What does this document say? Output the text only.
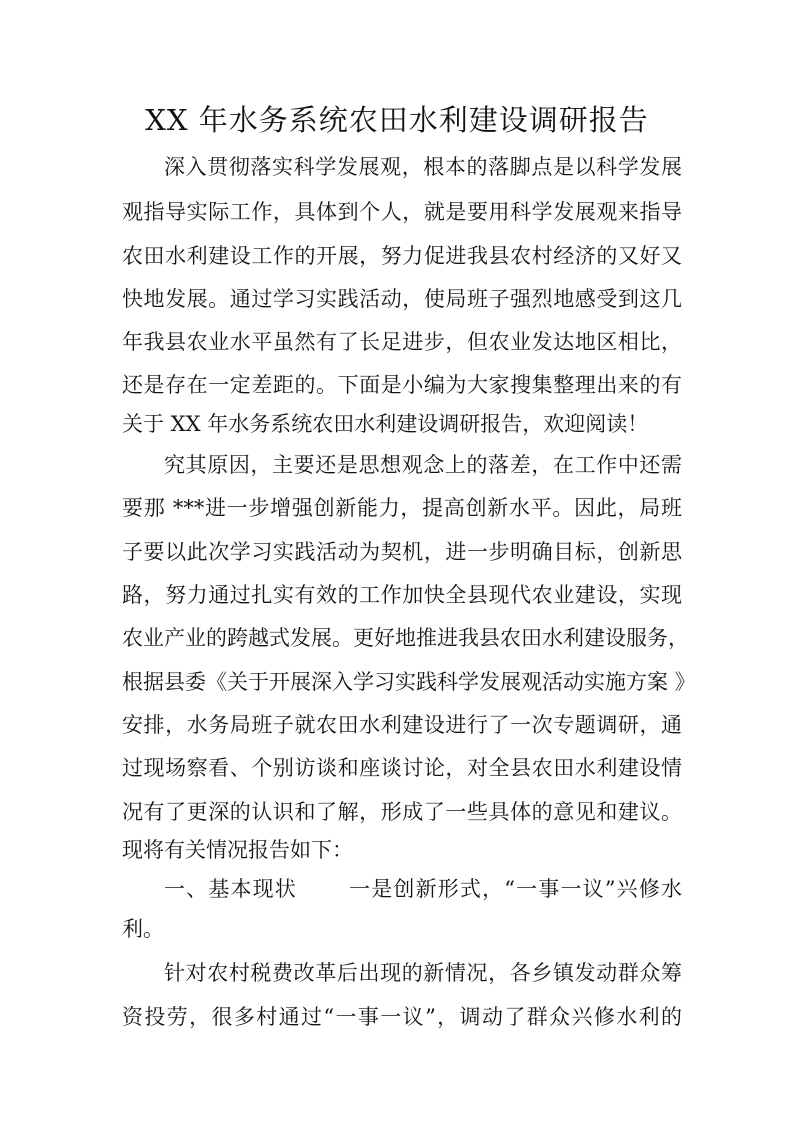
XX 年水务系统农田水利建设调研报告
深入贯彻落实科学发展观，根本的落脚点是以科学发展
观指导实际工作，具体到个人，就是要用科学发展观来指导
农田水利建设工作的开展，努力促进我县农村经济的又好又
快地发展。通过学习实践活动，使局班子强烈地感受到这几
年我县农业水平虽然有了长足进步，但农业发达地区相比，
还是存在一定差距的。下面是小编为大家搜集整理出来的有
关于 XX 年水务系统农田水利建设调研报告，欢迎阅读！
究其原因，主要还是思想观念上的落差，在工作中还需
要那 ***进一步增强创新能力，提高创新水平。因此，局班
子要以此次学习实践活动为契机，进一步明确目标，创新思
路，努力通过扎实有效的工作加快全县现代农业建设，实现
农业产业的跨越式发展。更好地推进我县农田水利建设服务，
根据县委《关于开展深入学习实践科学发展观活动实施方案 》
安排，水务局班子就农田水利建设进行了一次专题调研，通
过现场察看、个别访谈和座谈讨论，对全县农田水利建设情
况有了更深的认识和了解，形成了一些具体的意见和建议。
现将有关情况报告如下：
一、基本现状　　 一是创新形式，“一事一议”兴修水
利。
针对农村税费改革后出现的新情况，各乡镇发动群众筹
资投劳，很多村通过“一事一议”，调动了群众兴修水利的
